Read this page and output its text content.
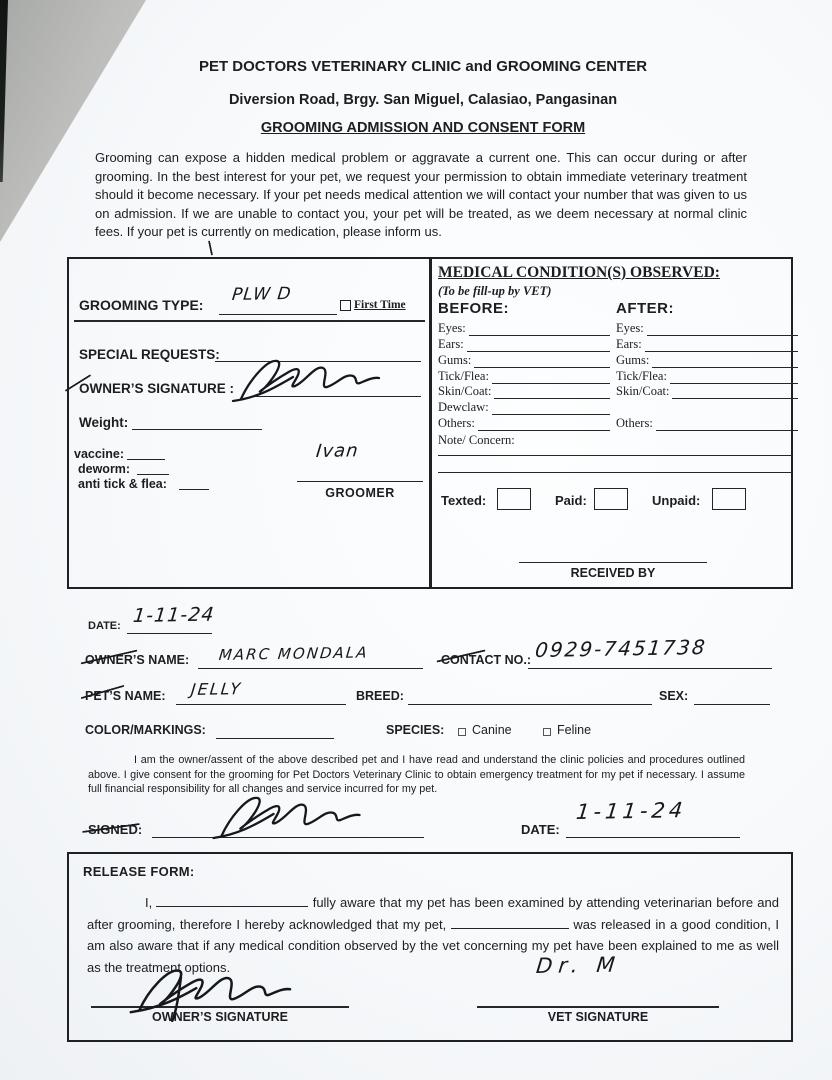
PET DOCTORS VETERINARY CLINIC and GROOMING CENTER
Diversion Road, Brgy. San Miguel, Calasiao, Pangasinan
GROOMING ADMISSION AND CONSENT FORM
Grooming can expose a hidden medical problem or aggravate a current one. This can occur during or after grooming. In the best interest for your pet, we request your permission to obtain immediate veterinary treatment should it become necessary. If your pet needs medical attention we will contact your number that was given to us on admission. If we are unable to contact you, your pet will be treated, as we deem necessary at normal clinic fees. If your pet is currently on medication, please inform us.
GROOMING TYPE: PLW D	First Time
SPECIAL REQUESTS:
OWNER’S SIGNATURE :
Weight:
vaccine:
deworm:
anti tick & flea:
GROOMER
Ivan
MEDICAL CONDITION(S) OBSERVED:
(To be fill-up by VET)
BEFORE:	AFTER:
Eyes:	Eyes:
Ears:	Ears:
Gums:	Gums:
Tick/Flea:	Tick/Flea:
Skin/Coat:	Skin/Coat:
Dewclaw:
Others:	Others:
Note/ Concern:
Texted:	Paid:	Unpaid:
RECEIVED BY
DATE: 1-11-24
OWNER’S NAME: MARC MONDALA	CONTACT NO.: 0929-7451738
PET’S NAME: JELLY	BREED:	SEX:
COLOR/MARKINGS:	SPECIES: Canine	Feline
I am the owner/assent of the above described pet and I have read and understand the clinic policies and procedures outlined above. I give consent for the grooming for Pet Doctors Veterinary Clinic to obtain emergency treatment for my pet if necessary. I assume full financial responsibility for all changes and service incurred for my pet.
SIGNED:	DATE:
1-11-24
RELEASE FORM:

I,	fully aware that my pet has been examined by attending veterinarian before and after grooming, therefore I hereby acknowledged that my pet,	was released in a good condition, I am also aware that if any medical condition observed by the vet concerning my pet have been explained to me as well as the treatment options.

OWNER’S SIGNATURE	VET SIGNATURE
Dr. M
